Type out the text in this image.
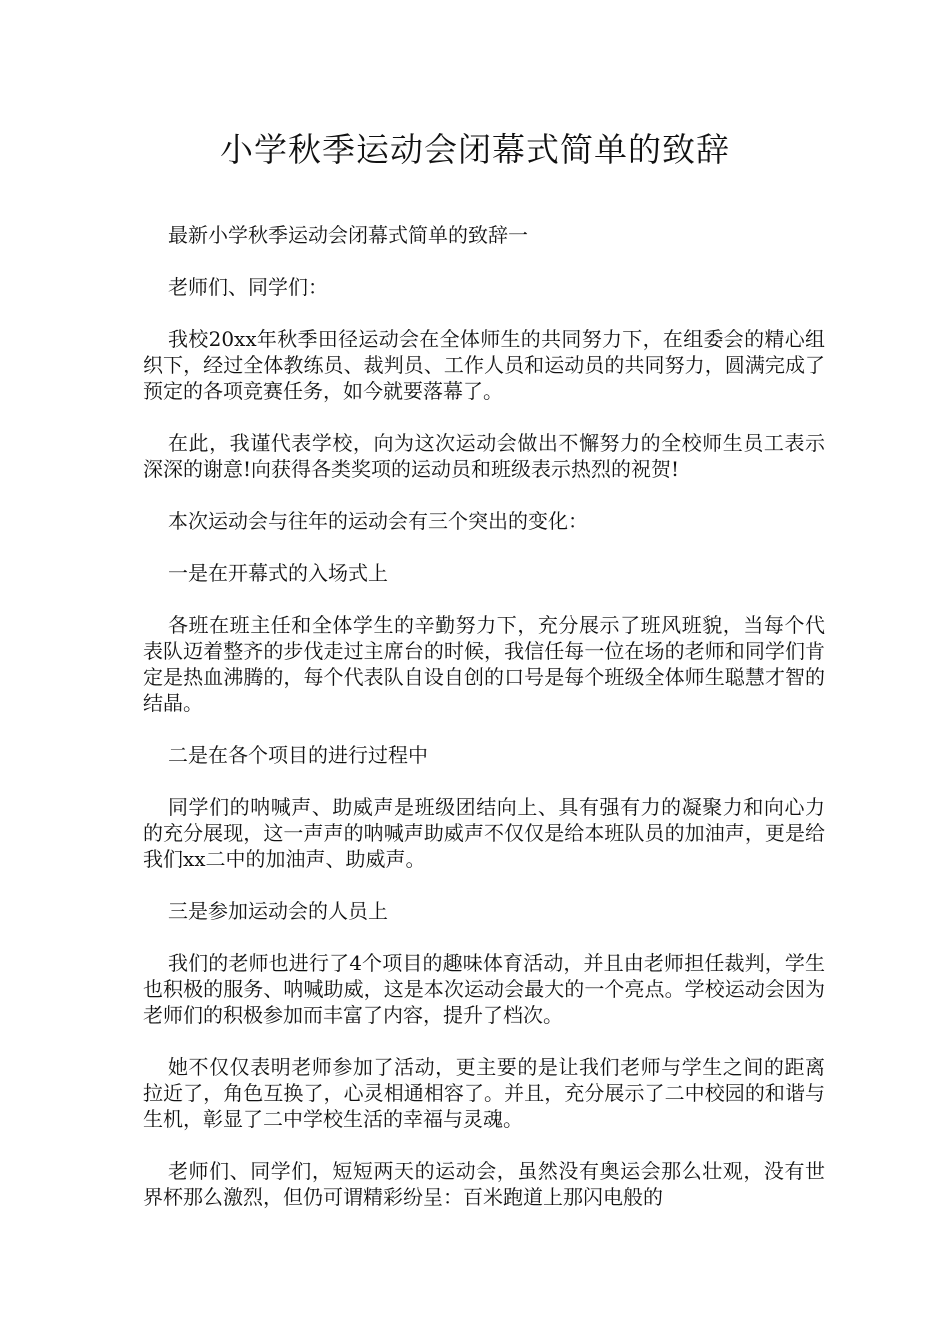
小学秋季运动会闭幕式简单的致辞

最新小学秋季运动会闭幕式简单的致辞一

老师们、同学们：

我校20xx年秋季田径运动会在全体师生的共同努力下，在组委会的精心组织下，经过全体教练员、裁判员、工作人员和运动员的共同努力，圆满完成了预定的各项竞赛任务，如今就要落幕了。

在此，我谨代表学校，向为这次运动会做出不懈努力的全校师生员工表示深深的谢意!向获得各类奖项的运动员和班级表示热烈的祝贺!

本次运动会与往年的运动会有三个突出的变化：

一是在开幕式的入场式上

各班在班主任和全体学生的辛勤努力下，充分展示了班风班貌，当每个代表队迈着整齐的步伐走过主席台的时候，我信任每一位在场的老师和同学们肯定是热血沸腾的，每个代表队自设自创的口号是每个班级全体师生聪慧才智的结晶。

二是在各个项目的进行过程中

同学们的呐喊声、助威声是班级团结向上、具有强有力的凝聚力和向心力的充分展现，这一声声的呐喊声助威声不仅仅是给本班队员的加油声，更是给我们xx二中的加油声、助威声。

三是参加运动会的人员上

我们的老师也进行了4个项目的趣味体育活动，并且由老师担任裁判，学生也积极的服务、呐喊助威，这是本次运动会最大的一个亮点。学校运动会因为老师们的积极参加而丰富了内容，提升了档次。

她不仅仅表明老师参加了活动，更主要的是让我们老师与学生之间的距离拉近了，角色互换了，心灵相通相容了。并且，充分展示了二中校园的和谐与生机，彰显了二中学校生活的幸福与灵魂。

老师们、同学们，短短两天的运动会，虽然没有奥运会那么壮观，没有世界杯那么激烈，但仍可谓精彩纷呈：百米跑道上那闪电般的
